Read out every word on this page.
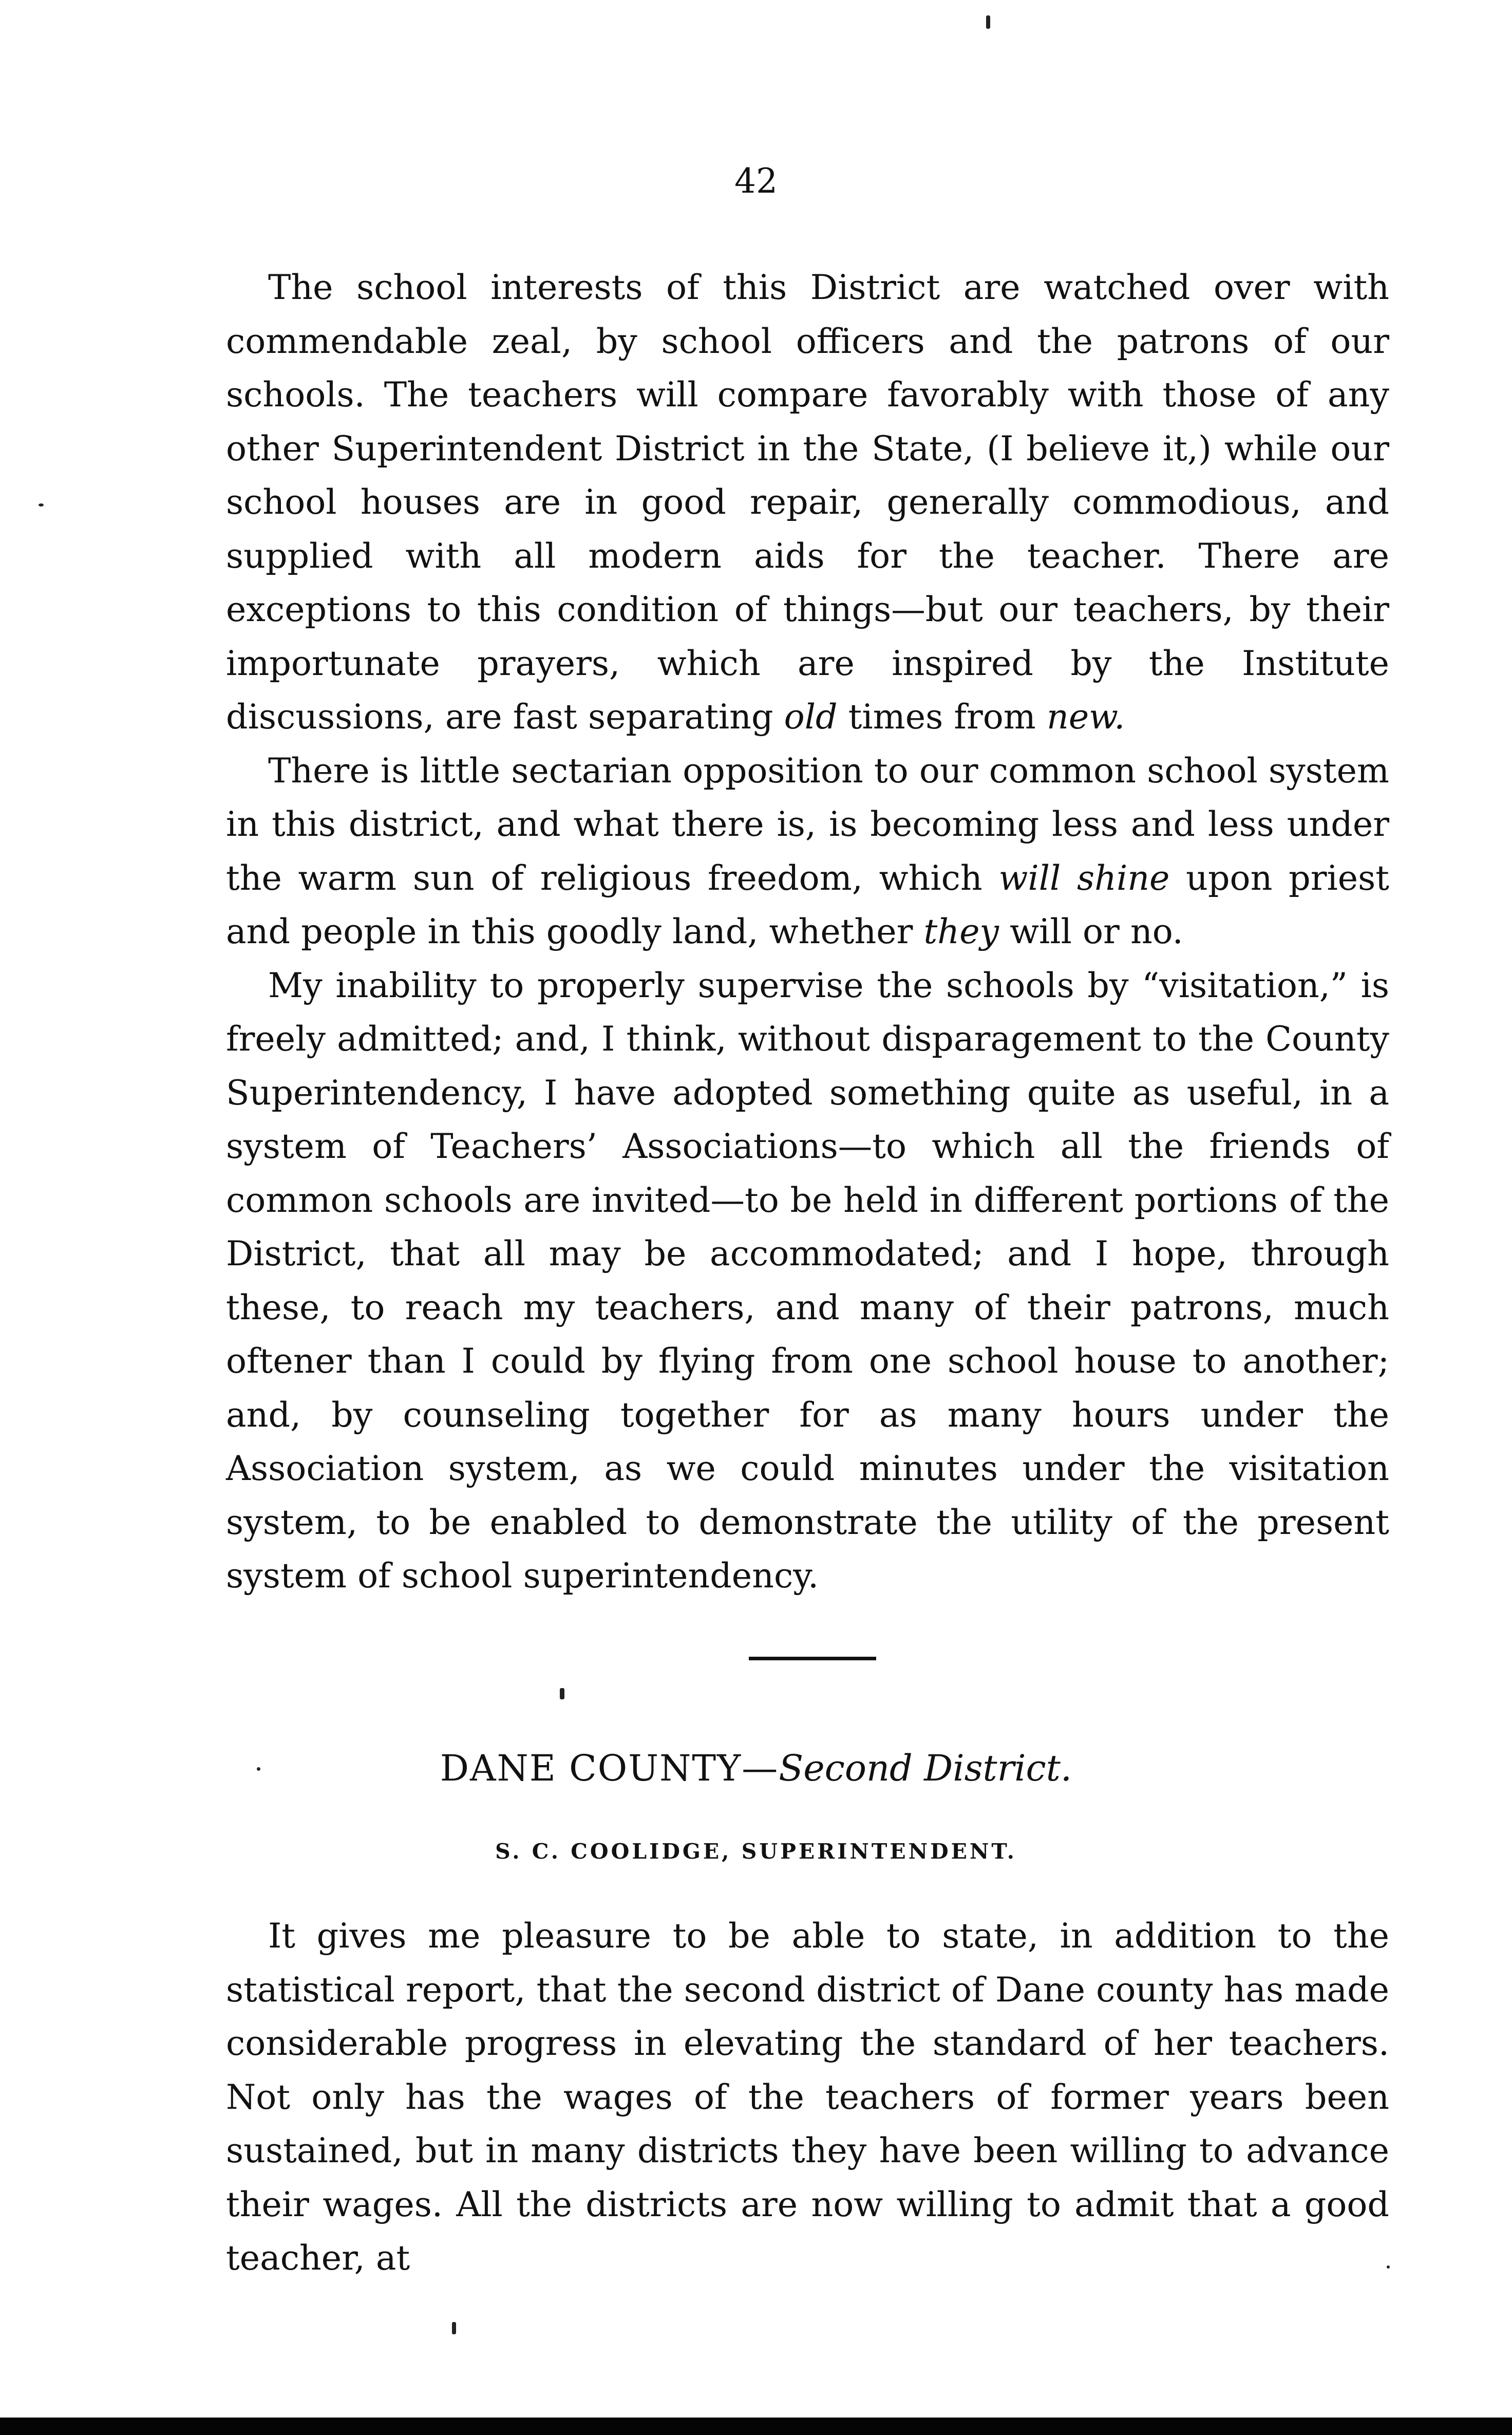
42

The school interests of this District are watched over with commendable zeal, by school officers and the patrons of our schools. The teachers will compare favorably with those of any other Superintendent District in the State, (I believe it,) while our school houses are in good repair, generally commodious, and supplied with all modern aids for the teacher. There are exceptions to this condition of things—but our teachers, by their importunate prayers, which are inspired by the Institute discussions, are fast separating old times from new.

There is little sectarian opposition to our common school system in this district, and what there is, is becoming less and less under the warm sun of religious freedom, which will shine upon priest and people in this goodly land, whether they will or no.

My inability to properly supervise the schools by “visitation,” is freely admitted; and, I think, without disparagement to the County Superintendency, I have adopted something quite as useful, in a system of Teachers’ Associations—to which all the friends of common schools are invited—to be held in different portions of the District, that all may be accommodated; and I hope, through these, to reach my teachers, and many of their patrons, much oftener than I could by flying from one school house to another; and, by counseling together for as many hours under the Association system, as we could minutes under the visitation system, to be enabled to demonstrate the utility of the present system of school superintendency.

DANE COUNTY—Second District.
S. C. COOLIDGE, SUPERINTENDENT.

It gives me pleasure to be able to state, in addition to the statistical report, that the second district of Dane county has made considerable progress in elevating the standard of her teachers. Not only has the wages of the teachers of former years been sustained, but in many districts they have been willing to advance their wages. All the districts are now willing to admit that a good teacher, at
